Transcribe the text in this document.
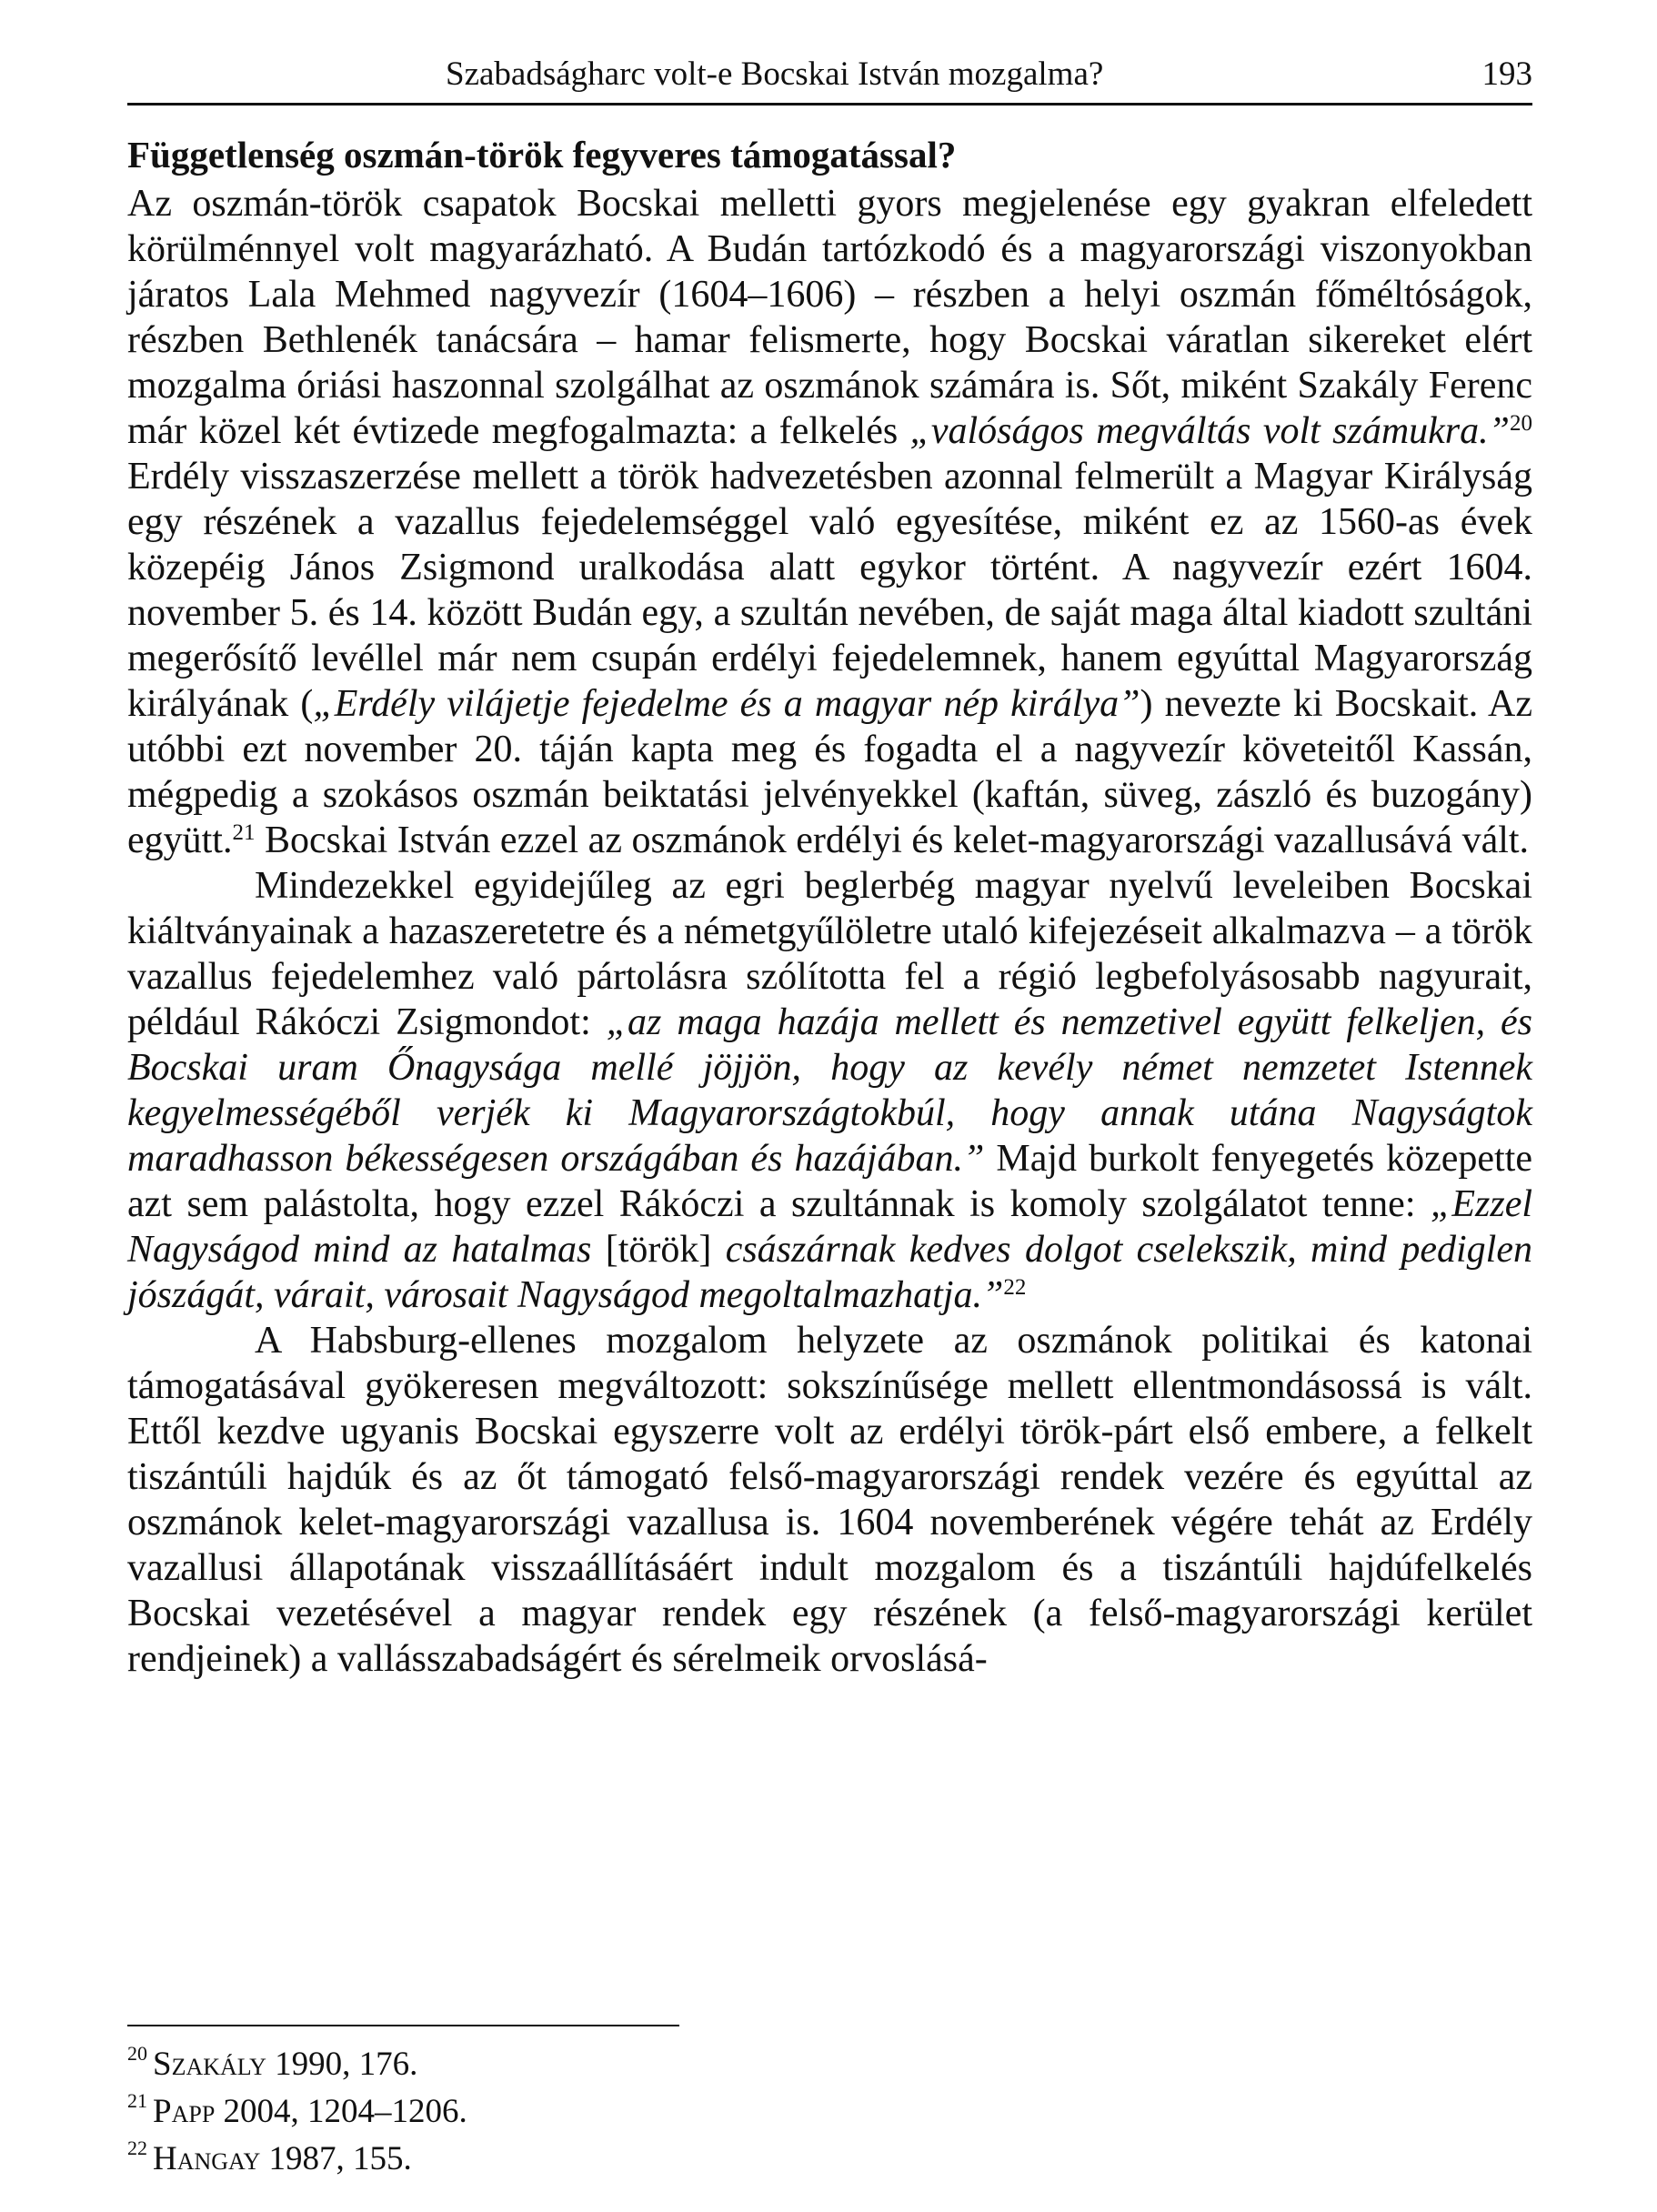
Szabadságharc volt-e Bocskai István mozgalma?	193
Függetlenség oszmán-török fegyveres támogatással?

Az oszmán-török csapatok Bocskai melletti gyors megjelenése egy gyakran elfeledett körülménnyel volt magyarázható. A Budán tartózkodó és a magyarországi viszonyokban járatos Lala Mehmed nagyvezír (1604–1606) – részben a helyi oszmán főméltóságok, részben Bethlenék tanácsára – hamar felismerte, hogy Bocskai váratlan sikereket elért mozgalma óriási haszonnal szolgálhat az oszmánok számára is. Sőt, miként Szakály Ferenc már közel két évtizede megfogalmazta: a felkelés „valóságos megváltás volt számukra.”$^{20}$ Erdély visszaszerzése mellett a török hadvezetésben azonnal felmerült a Magyar Királyság egy részének a vazallus fejedelemséggel való egyesítése, miként ez az 1560-as évek közepéig János Zsigmond uralkodása alatt egykor történt. A nagyvezír ezért 1604. november 5. és 14. között Budán egy, a szultán nevében, de saját maga által kiadott szultáni megerősítő levéllel már nem csupán erdélyi fejedelemnek, hanem egyúttal Magyarország királyának („Erdély vilájetje fejedelme és a magyar nép királya”) nevezte ki Bocskait. Az utóbbi ezt november 20. táján kapta meg és fogadta el a nagyvezír követeitől Kassán, mégpedig a szokásos oszmán beiktatási jelvényekkel (kaftán, süveg, zászló és buzogány) együtt.$^{21}$ Bocskai István ezzel az oszmánok erdélyi és kelet-magyarországi vazallusává vált.

Mindezekkel egyidejűleg az egri beglerbég magyar nyelvű leveleiben Bocskai kiáltványainak a hazaszeretetre és a németgyűlöletre utaló kifejezéseit alkalmazva – a török vazallus fejedelemhez való pártolásra szólította fel a régió legbefolyásosabb nagyurait, például Rákóczi Zsigmondot: „az maga hazája mellett és nemzetivel együtt felkeljen, és Bocskai uram Őnagysága mellé jöjjön, hogy az kevély német nemzetet Istennek kegyelmességéből verjék ki Magyarországtokbúl, hogy annak utána Nagyságtok maradhasson békességesen országában és hazájában.” Majd burkolt fenyegetés közepette azt sem palástolta, hogy ezzel Rákóczi a szultánnak is komoly szolgálatot tenne: „Ezzel Nagyságod mind az hatalmas [török] császárnak kedves dolgot cselekszik, mind pediglen jószágát, várait, városait Nagyságod megoltalmazhatja.”$^{22}$

A Habsburg-ellenes mozgalom helyzete az oszmánok politikai és katonai támogatásával gyökeresen megváltozott: sokszínűsége mellett ellentmondásossá is vált. Ettől kezdve ugyanis Bocskai egyszerre volt az erdélyi török-párt első embere, a felkelt tiszántúli hajdúk és az őt támogató felső-magyarországi rendek vezére és egyúttal az oszmánok kelet-magyarországi vazallusa is. 1604 novemberének végére tehát az Erdély vazallusi állapotának visszaállításáért indult mozgalom és a tiszántúli hajdúfelkelés Bocskai vezetésével a magyar rendek egy részének (a felső-magyarországi kerület rendjeinek) a vallásszabadságért és sérelmeik orvoslásá-

$^{20}$ Szakály 1990, 176.

$^{21}$ Papp 2004, 1204–1206.

$^{22}$ Hangay 1987, 155.
